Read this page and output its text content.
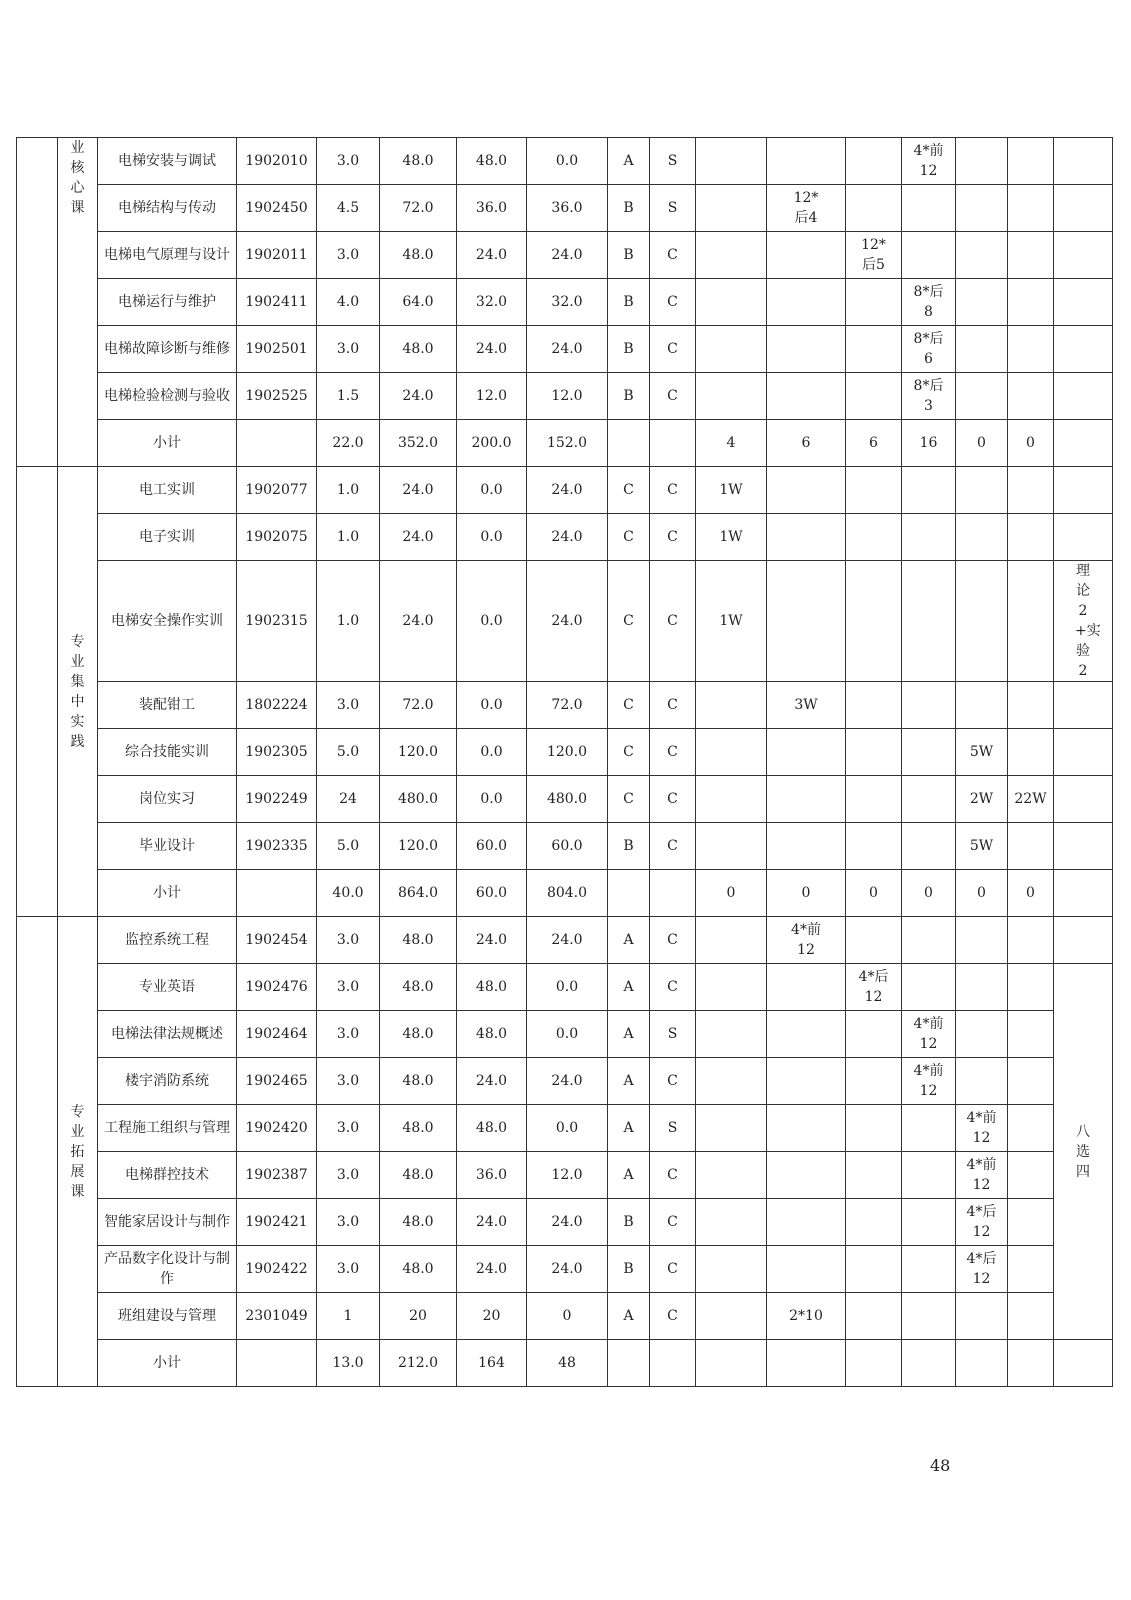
	业核心课	电梯安装与调试	1902010	3.0	48.0	48.0	0.0	A	S				4*前12			

		电梯结构与传动	1902450	4.5	72.0	36.0	36.0	B	S		12*后4					

		电梯电气原理与设计	1902011	3.0	48.0	24.0	24.0	B	C			12*后5				

		电梯运行与维护	1902411	4.0	64.0	32.0	32.0	B	C				8*后8			

		电梯故障诊断与维修	1902501	3.0	48.0	24.0	24.0	B	C				8*后6			

		电梯检验检测与验收	1902525	1.5	24.0	12.0	12.0	B	C				8*后3			

		小计		22.0	352.0	200.0	152.0			4	6	6	16	0	0	

	专业集中实践	电工实训	1902077	1.0	24.0	0.0	24.0	C	C	1W						
		电子实训	1902075	1.0	24.0	0.0	24.0	C	C	1W						
		电梯安全操作实训	1902315	1.0	24.0	0.0	24.0	C	C	1W						理论2+实验2

		装配钳工	1802224	3.0	72.0	0.0	72.0	C	C		3W					
		综合技能实训	1902305	5.0	120.0	0.0	120.0	C	C					5W		
		岗位实习	1902249	24	480.0	0.0	480.0	C	C					2W	22W	
		毕业设计	1902335	5.0	120.0	60.0	60.0	B	C					5W		
		小计		40.0	864.0	60.0	804.0			0	0	0	0	0	0	

	专业拓展课	监控系统工程	1902454	3.0	48.0	24.0	24.0	A	C		4*前12					

		专业英语	1902476	3.0	48.0	48.0	0.0	A	C			4*后12				八选四

		电梯法律法规概述	1902464	3.0	48.0	48.0	0.0	A	S				4*前12			

		楼宇消防系统	1902465	3.0	48.0	24.0	24.0	A	C				4*前12			

		工程施工组织与管理	1902420	3.0	48.0	48.0	0.0	A	S					4*前12		

		电梯群控技术	1902387	3.0	48.0	36.0	12.0	A	C					4*前12		

		智能家居设计与制作	1902421	3.0	48.0	24.0	24.0	B	C					4*后12		

		产品数字化设计与制作	1902422	3.0	48.0	24.0	24.0	B	C					4*后12		

		班组建设与管理	2301049	1	20	20	0	A	C		2*10					

		小计		13.0	212.0	164	48									
48
